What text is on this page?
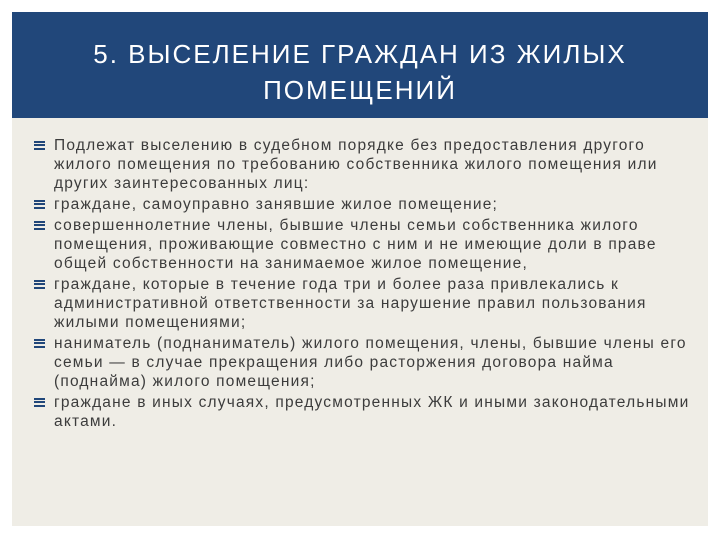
5. ВЫСЕЛЕНИЕ ГРАЖДАН ИЗ ЖИЛЫХ
ПОМЕЩЕНИЙ
Подлежат выселению в судебном порядке без предоставления другого жилого помещения по требованию собственника жилого помещения или других заинтересованных лиц:
граждане, самоуправно занявшие жилое помещение;
совершеннолетние члены, бывшие члены семьи собственника жилого помещения, проживающие совместно с ним и не имеющие доли в праве общей собственности на занимаемое жилое помещение,
граждане, которые в течение года три и более раза привлекались к административной ответственности за нарушение правил пользования жилыми помещениями;
наниматель (поднаниматель) жилого помещения, члены, бывшие члены его семьи — в случае прекращения либо расторжения договора найма (поднайма) жилого помещения;
граждане в иных случаях, предусмотренных ЖК и иными законодательными актами.
